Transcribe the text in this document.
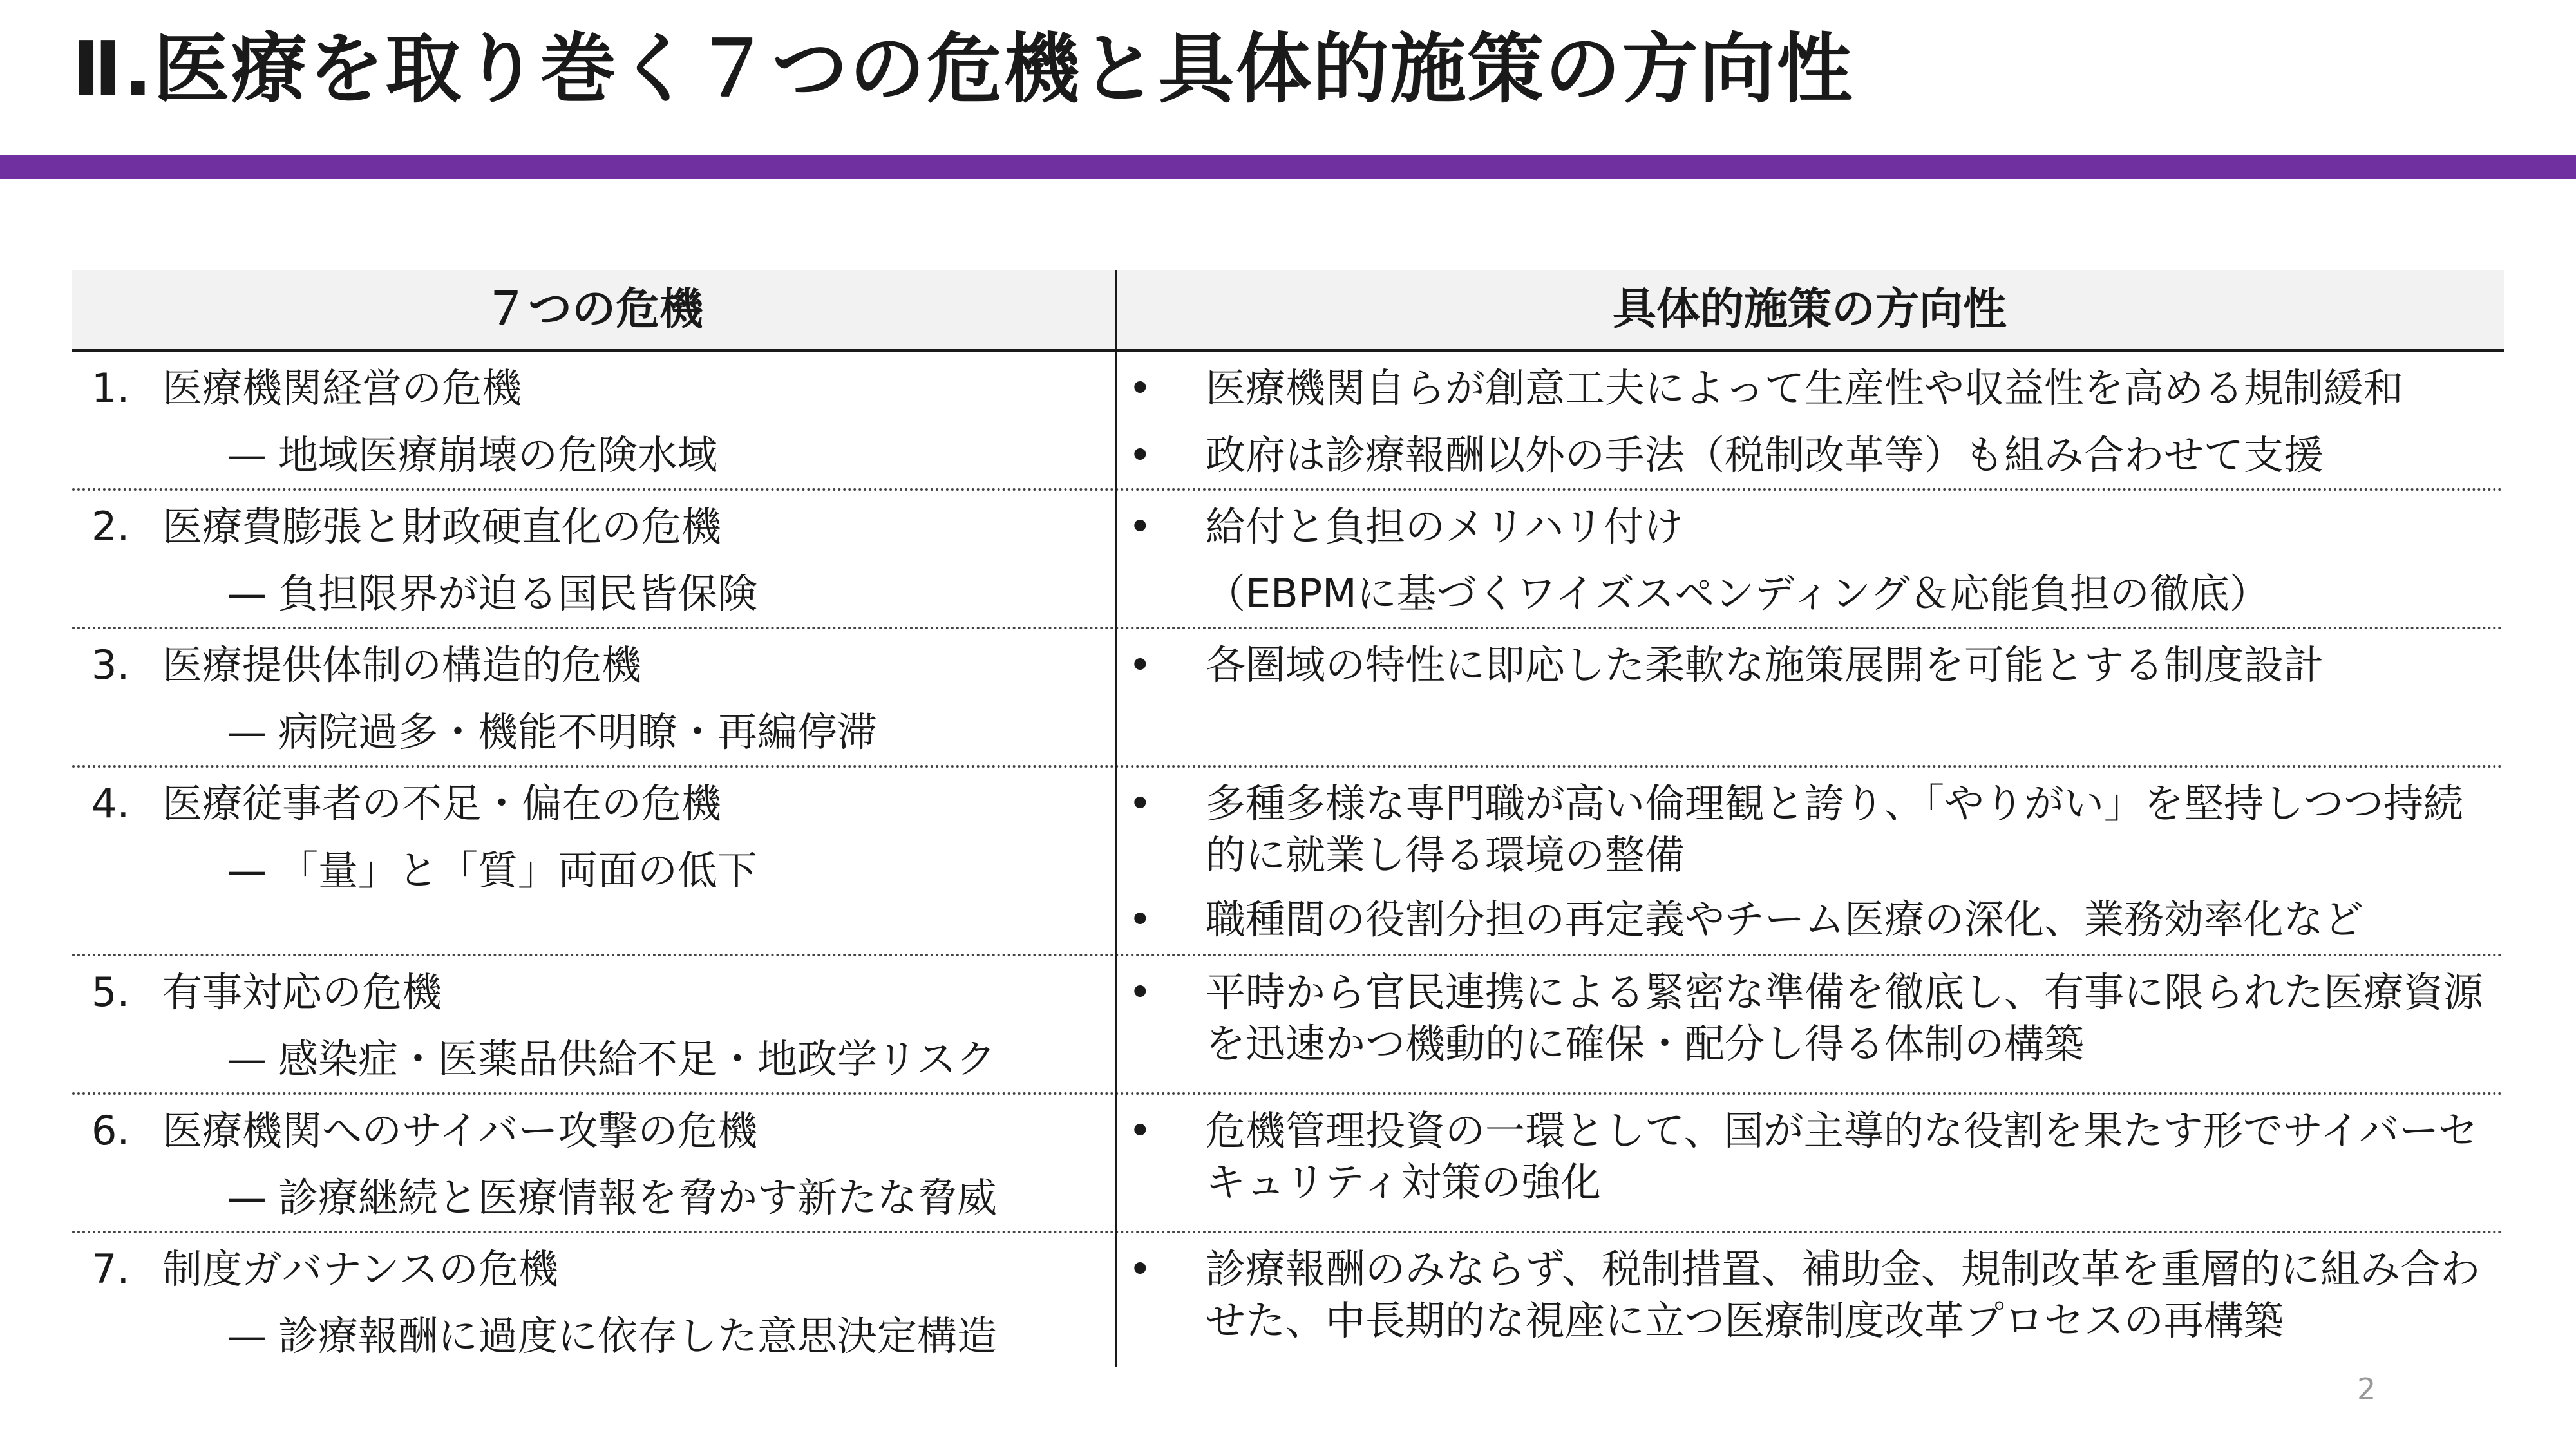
Ⅱ.医療を取り巻く７つの危機と具体的施策の方向性
７つの危機	具体的施策の方向性
1. 医療機関経営の危機
— 地域医療崩壊の危険水域
•	医療機関自らが創意工夫によって生産性や収益性を高める規制緩和
•	政府は診療報酬以外の手法（税制改革等）も組み合わせて支援
2. 医療費膨張と財政硬直化の危機
— 負担限界が迫る国民皆保険
•	給付と負担のメリハリ付け
（EBPMに基づくワイズスペンディング＆応能負担の徹底）
3. 医療提供体制の構造的危機
— 病院過多・機能不明瞭・再編停滞
•	各圏域の特性に即応した柔軟な施策展開を可能とする制度設計
4. 医療従事者の不足・偏在の危機
— 「量」と「質」両面の低下
•	多種多様な専門職が高い倫理観と誇り、「やりがい」を堅持しつつ持続的に就業し得る環境の整備
•	職種間の役割分担の再定義やチーム医療の深化、業務効率化など
5. 有事対応の危機
— 感染症・医薬品供給不足・地政学リスク
•	平時から官民連携による緊密な準備を徹底し、有事に限られた医療資源を迅速かつ機動的に確保・配分し得る体制の構築
6. 医療機関へのサイバー攻撃の危機
— 診療継続と医療情報を脅かす新たな脅威
•	危機管理投資の一環として、国が主導的な役割を果たす形でサイバーセキュリティ対策の強化
7. 制度ガバナンスの危機
— 診療報酬に過度に依存した意思決定構造
•	診療報酬のみならず、税制措置、補助金、規制改革を重層的に組み合わせた、中長期的な視座に立つ医療制度改革プロセスの再構築
2
